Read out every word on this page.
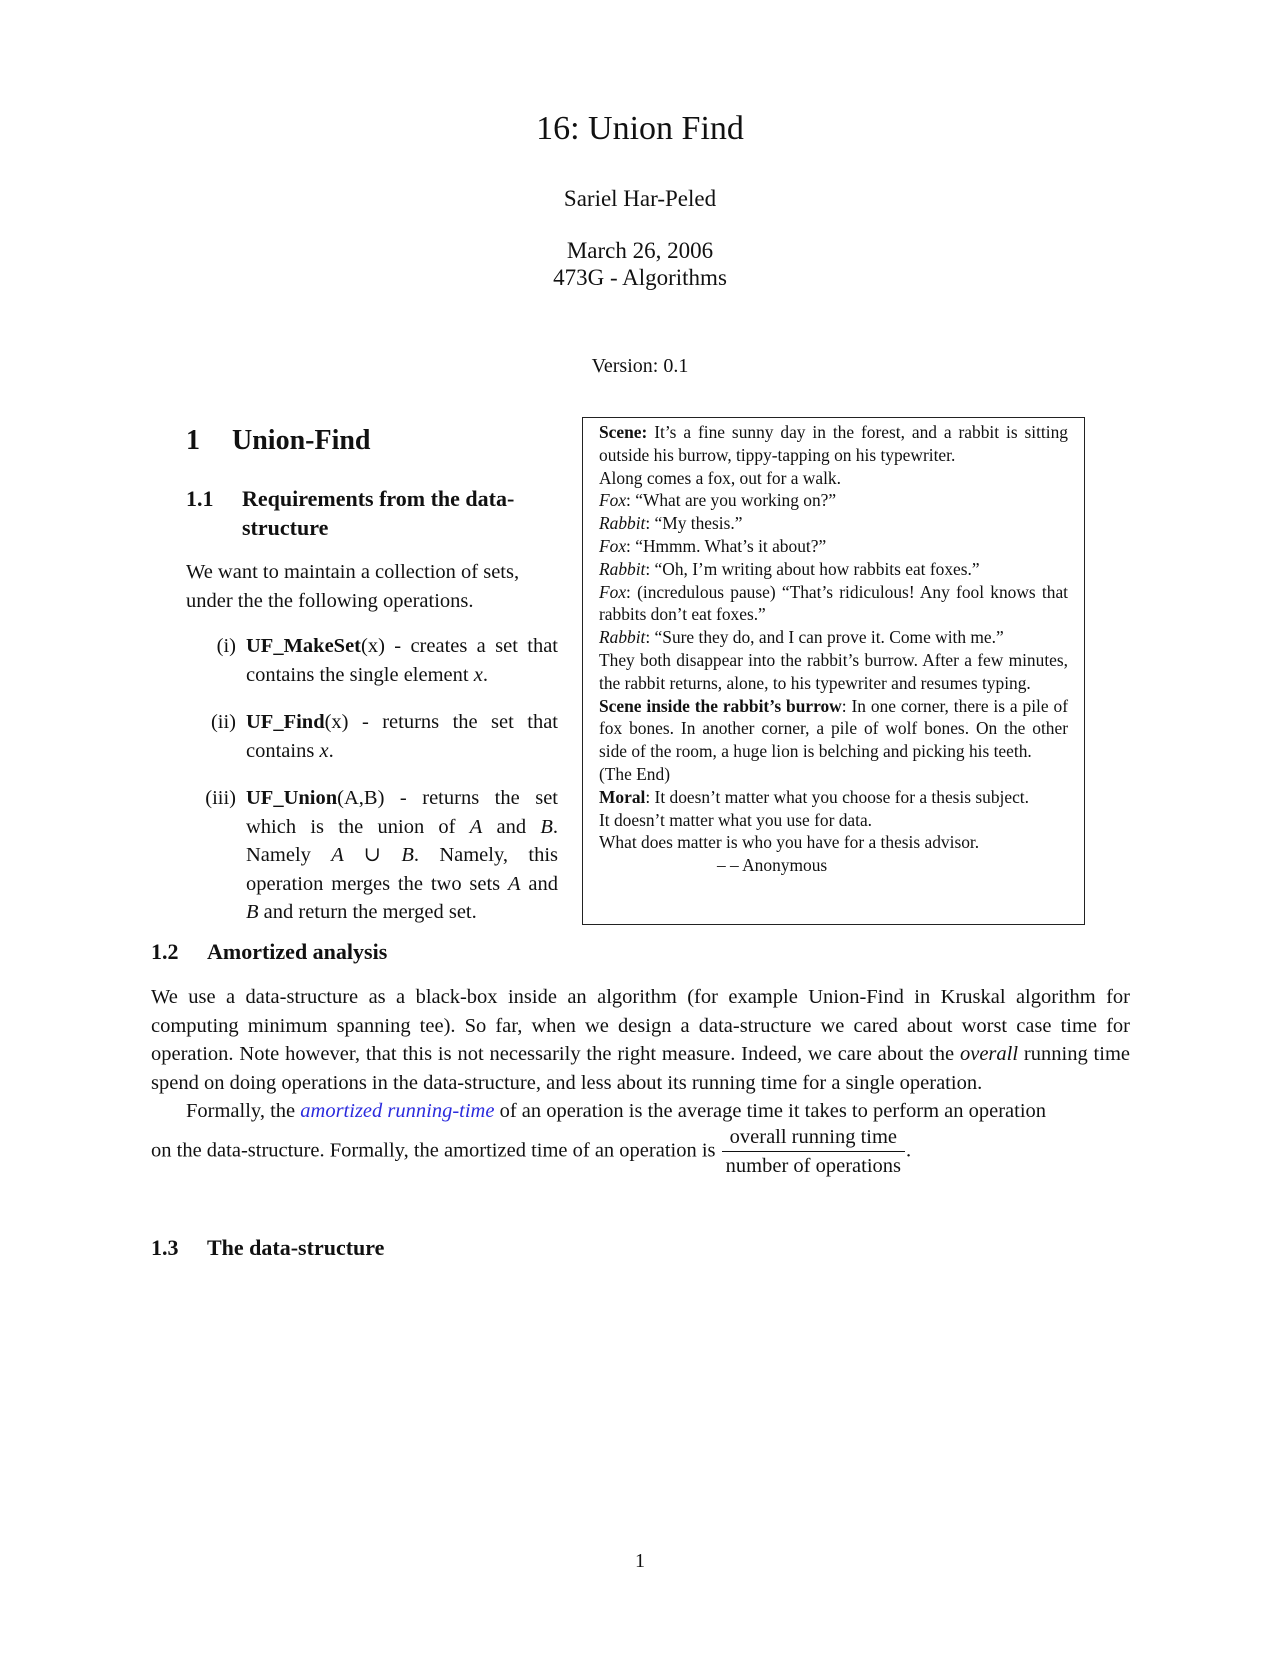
16: Union Find
Sariel Har-Peled
March 26, 2006
473G - Algorithms
Version: 0.1
1 Union-Find
1.1 Requirements from the data-
structure
We want to maintain a collection of sets, under the the following operations.
(i) UF_MakeSet(x) - creates a set that contains the single element x.
(ii) UF_Find(x) - returns the set that contains x.
(iii) UF_Union(A,B) - returns the set which is the union of A and B. Namely A ∪ B. Namely, this operation merges the two sets A and B and return the merged set.

Scene: It’s a fine sunny day in the forest, and a rabbit is sitting outside his burrow, tippy-tapping on his typewriter.

Along comes a fox, out for a walk.

Fox: “What are you working on?”

Rabbit: “My thesis.”

Fox: “Hmmm. What’s it about?”

Rabbit: “Oh, I’m writing about how rabbits eat foxes.”

Fox: (incredulous pause) “That’s ridiculous! Any fool knows that rabbits don’t eat foxes.”

Rabbit: “Sure they do, and I can prove it. Come with me.”

They both disappear into the rabbit’s burrow. After a few minutes, the rabbit returns, alone, to his typewriter and resumes typing.

Scene inside the rabbit’s burrow: In one corner, there is a pile of fox bones. In another corner, a pile of wolf bones. On the other side of the room, a huge lion is belching and picking his teeth.

(The End)

Moral: It doesn’t matter what you choose for a thesis subject.

It doesn’t matter what you use for data.

What does matter is who you have for a thesis advisor.

– – Anonymous

1.2 Amortized analysis
We use a data-structure as a black-box inside an algorithm (for example Union-Find in Kruskal algorithm for computing minimum spanning tee). So far, when we design a data-structure we cared about worst case time for operation. Note however, that this is not necessarily the right measure. Indeed, we care about the overall running time spend on doing operations in the data-structure, and less about its running time for a single operation.
Formally, the amortized running-time of an operation is the average time it takes to perform an operation
on the data-structure. Formally, the amortized time of an operation is $\frac{\text{overall running time}}{\text{number of operations}}$ .
1.3 The data-structure
1
